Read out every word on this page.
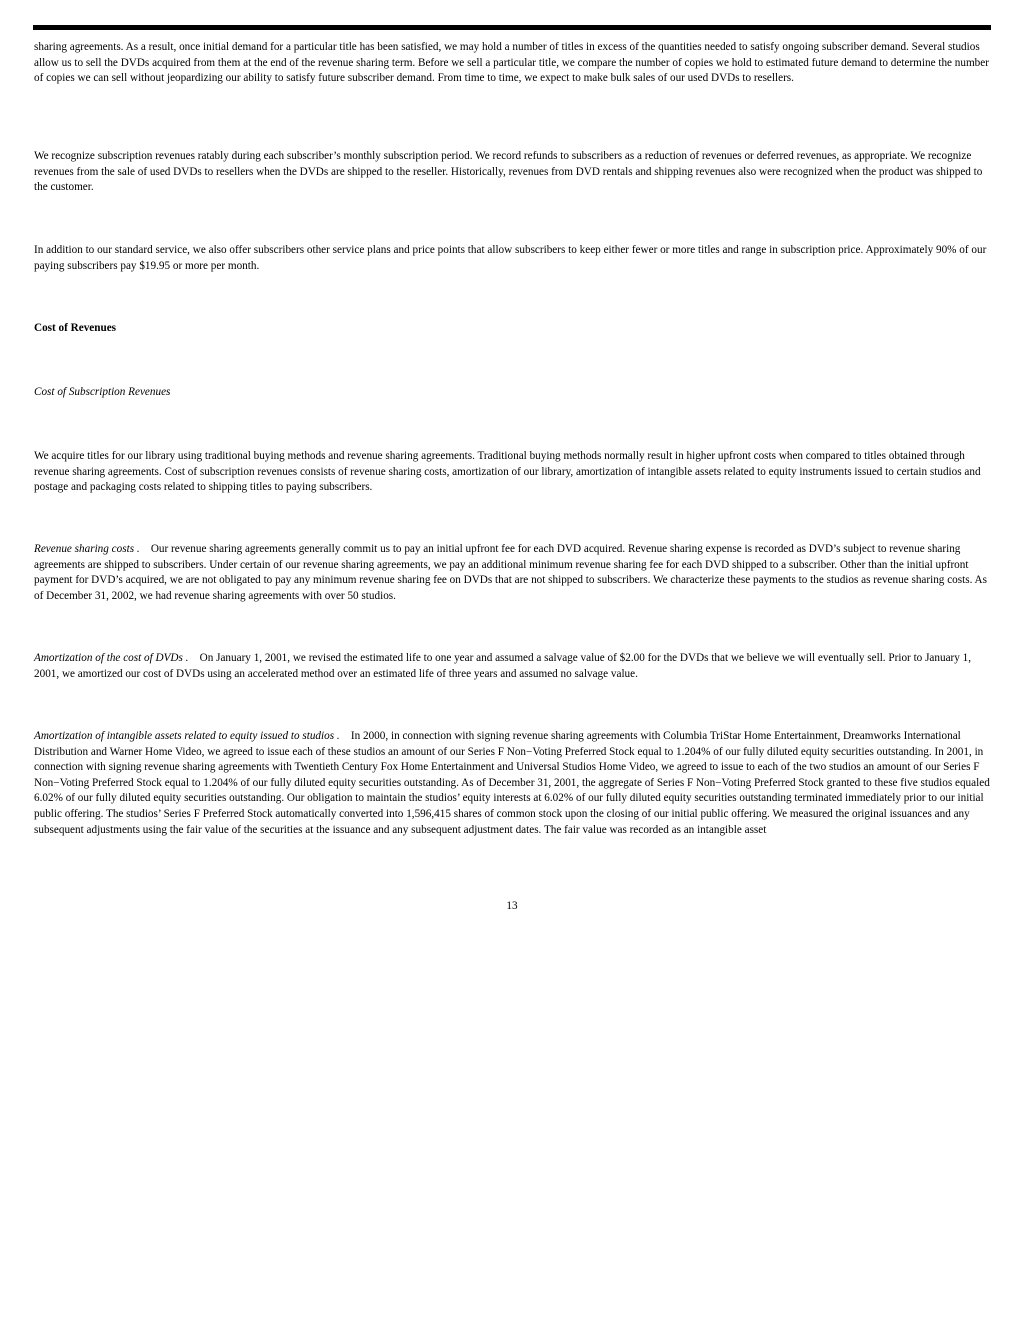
sharing agreements. As a result, once initial demand for a particular title has been satisfied, we may hold a number of titles in excess of the quantities needed to satisfy ongoing subscriber demand. Several studios allow us to sell the DVDs acquired from them at the end of the revenue sharing term. Before we sell a particular title, we compare the number of copies we hold to estimated future demand to determine the number of copies we can sell without jeopardizing our ability to satisfy future subscriber demand. From time to time, we expect to make bulk sales of our used DVDs to resellers.
We recognize subscription revenues ratably during each subscriber’s monthly subscription period. We record refunds to subscribers as a reduction of revenues or deferred revenues, as appropriate. We recognize revenues from the sale of used DVDs to resellers when the DVDs are shipped to the reseller. Historically, revenues from DVD rentals and shipping revenues also were recognized when the product was shipped to the customer.
In addition to our standard service, we also offer subscribers other service plans and price points that allow subscribers to keep either fewer or more titles and range in subscription price. Approximately 90% of our paying subscribers pay $19.95 or more per month.
Cost of Revenues
Cost of Subscription Revenues
We acquire titles for our library using traditional buying methods and revenue sharing agreements. Traditional buying methods normally result in higher upfront costs when compared to titles obtained through revenue sharing agreements. Cost of subscription revenues consists of revenue sharing costs, amortization of our library, amortization of intangible assets related to equity instruments issued to certain studios and postage and packaging costs related to shipping titles to paying subscribers.
Revenue sharing costs . Our revenue sharing agreements generally commit us to pay an initial upfront fee for each DVD acquired. Revenue sharing expense is recorded as DVD’s subject to revenue sharing agreements are shipped to subscribers. Under certain of our revenue sharing agreements, we pay an additional minimum revenue sharing fee for each DVD shipped to a subscriber. Other than the initial upfront payment for DVD’s acquired, we are not obligated to pay any minimum revenue sharing fee on DVDs that are not shipped to subscribers. We characterize these payments to the studios as revenue sharing costs. As of December 31, 2002, we had revenue sharing agreements with over 50 studios.
Amortization of the cost of DVDs . On January 1, 2001, we revised the estimated life to one year and assumed a salvage value of $2.00 for the DVDs that we believe we will eventually sell. Prior to January 1, 2001, we amortized our cost of DVDs using an accelerated method over an estimated life of three years and assumed no salvage value.
Amortization of intangible assets related to equity issued to studios . In 2000, in connection with signing revenue sharing agreements with Columbia TriStar Home Entertainment, Dreamworks International Distribution and Warner Home Video, we agreed to issue each of these studios an amount of our Series F Non−Voting Preferred Stock equal to 1.204% of our fully diluted equity securities outstanding. In 2001, in connection with signing revenue sharing agreements with Twentieth Century Fox Home Entertainment and Universal Studios Home Video, we agreed to issue to each of the two studios an amount of our Series F Non−Voting Preferred Stock equal to 1.204% of our fully diluted equity securities outstanding. As of December 31, 2001, the aggregate of Series F Non−Voting Preferred Stock granted to these five studios equaled 6.02% of our fully diluted equity securities outstanding. Our obligation to maintain the studios’ equity interests at 6.02% of our fully diluted equity securities outstanding terminated immediately prior to our initial public offering. The studios’ Series F Preferred Stock automatically converted into 1,596,415 shares of common stock upon the closing of our initial public offering. We measured the original issuances and any subsequent adjustments using the fair value of the securities at the issuance and any subsequent adjustment dates. The fair value was recorded as an intangible asset
13
